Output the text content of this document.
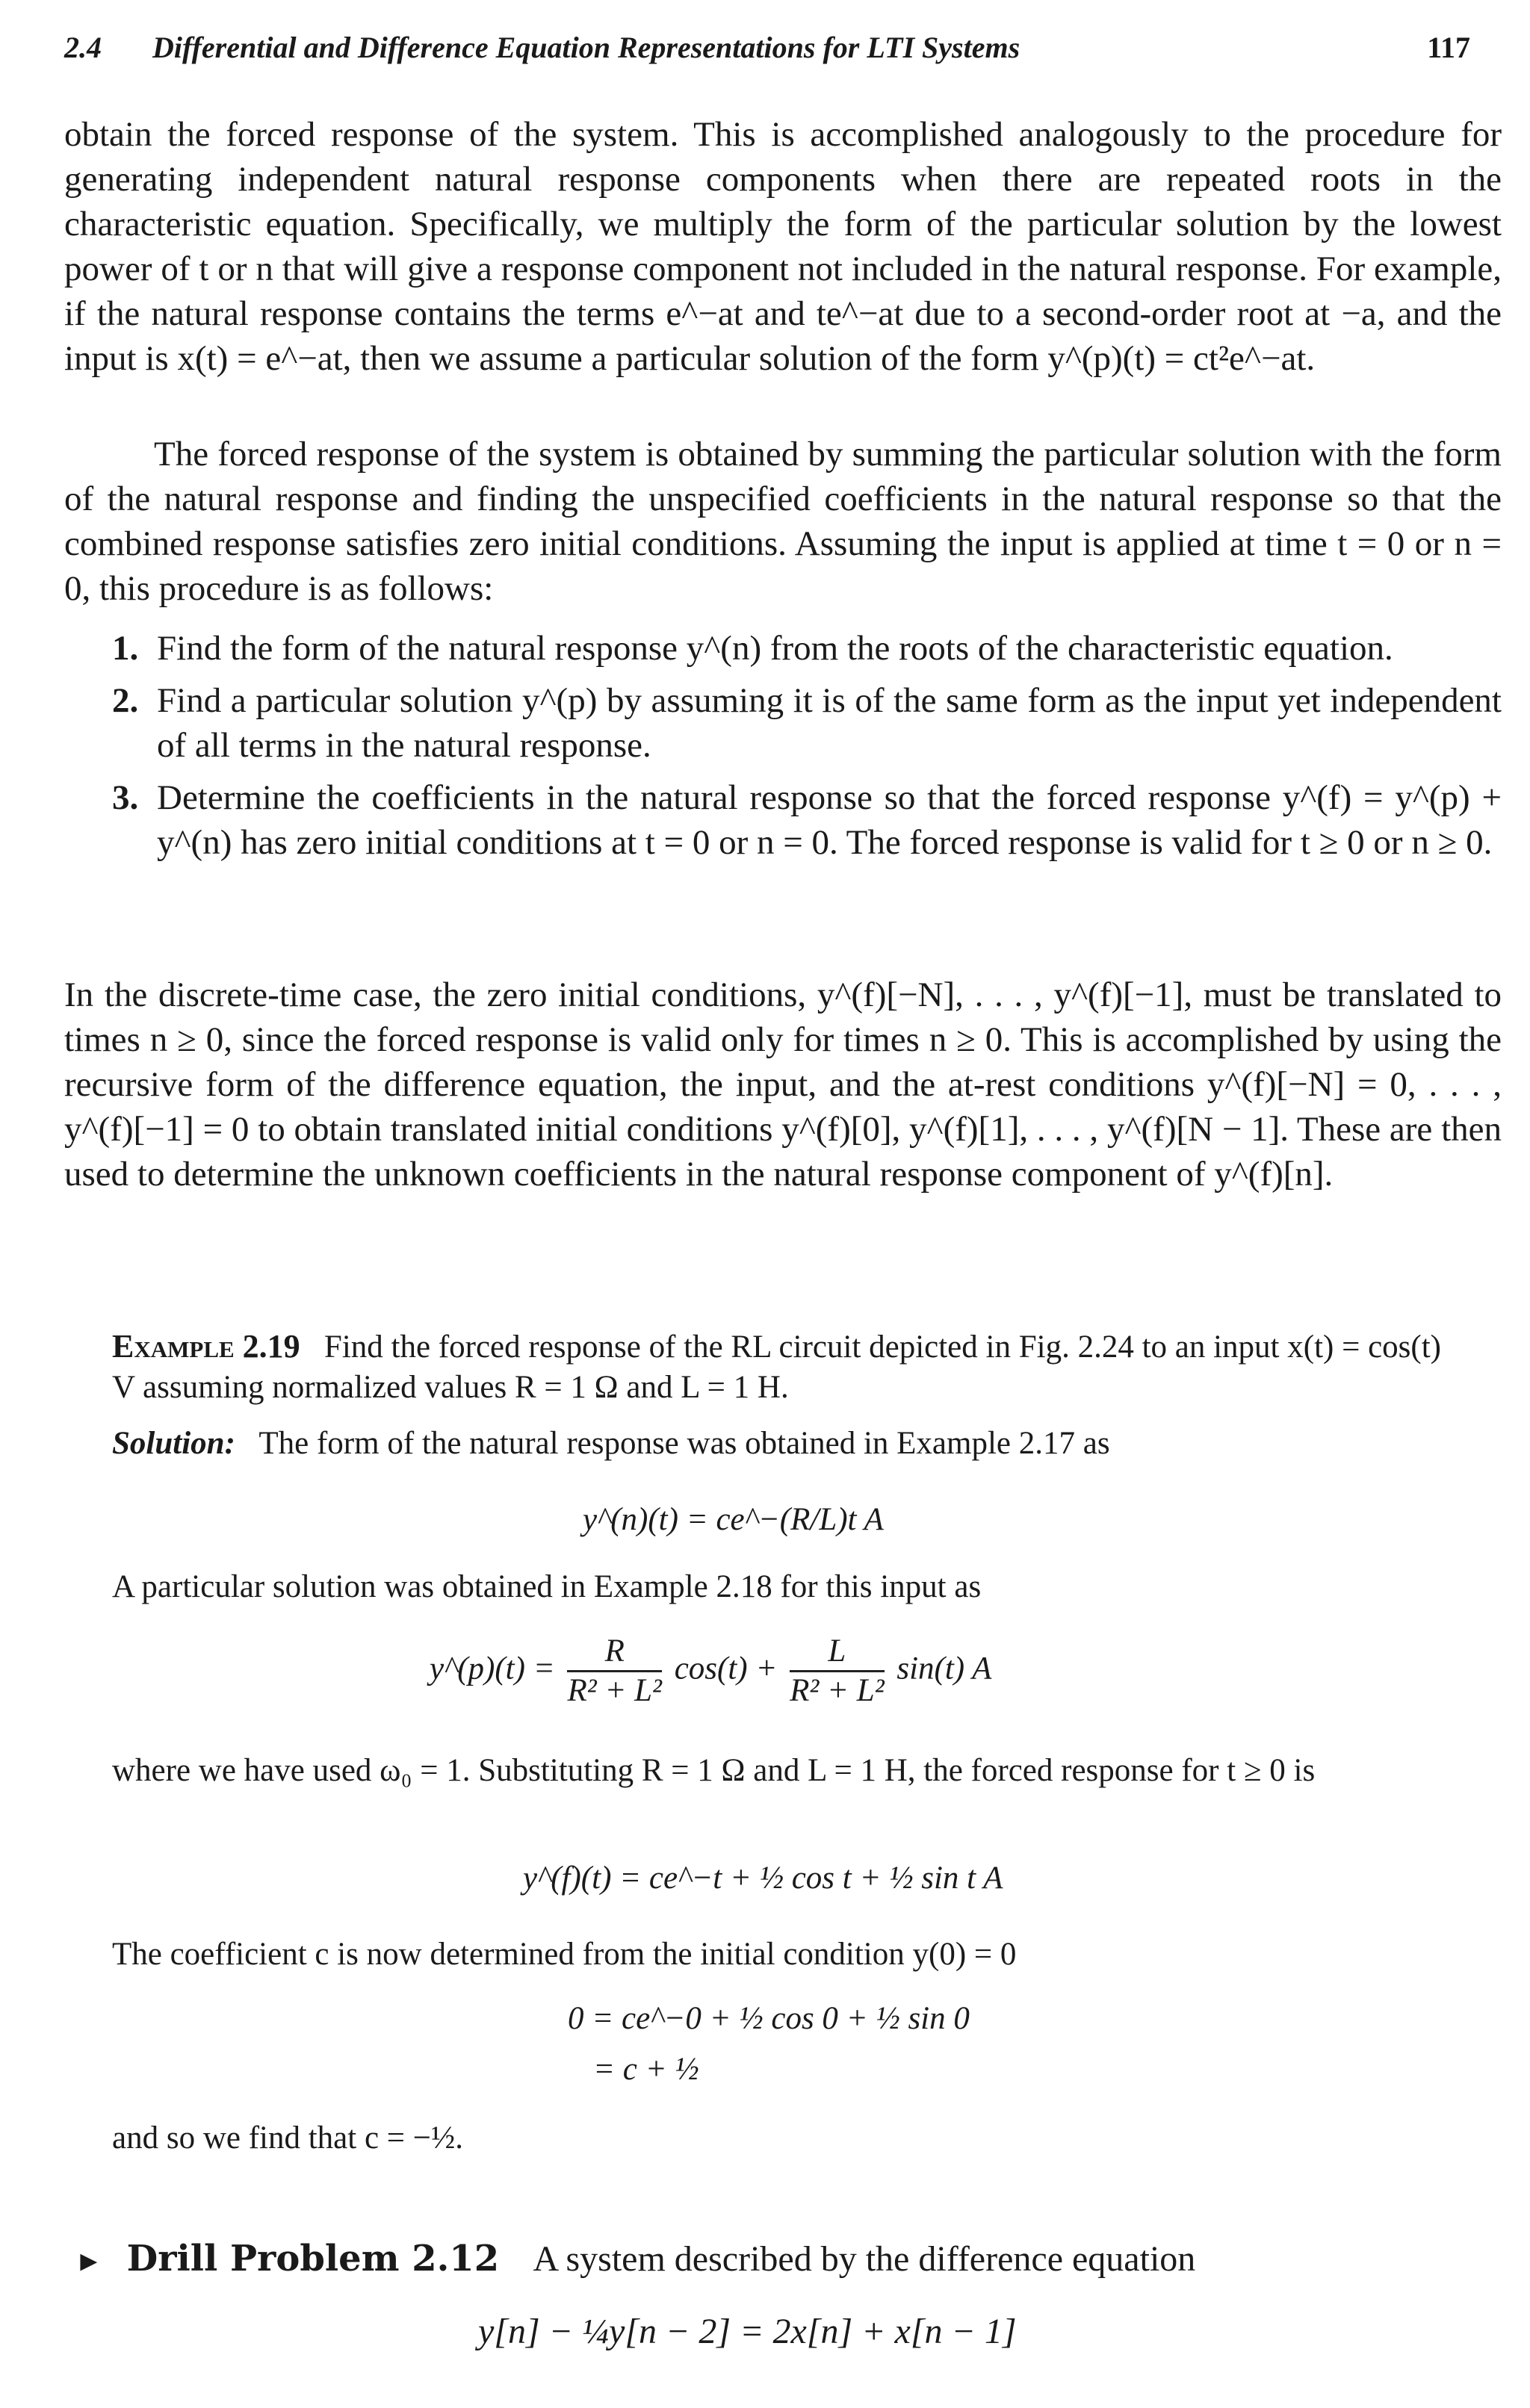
2.4 Differential and Difference Equation Representations for LTI Systems	117
obtain the forced response of the system. This is accomplished analogously to the procedure for generating independent natural response components when there are repeated roots in the characteristic equation. Specifically, we multiply the form of the particular solution by the lowest power of t or n that will give a response component not included in the natural response. For example, if the natural response contains the terms e^−at and te^−at due to a second-order root at −a, and the input is x(t) = e^−at, then we assume a particular solution of the form y^(p)(t) = ct²e^−at.
The forced response of the system is obtained by summing the particular solution with the form of the natural response and finding the unspecified coefficients in the natural response so that the combined response satisfies zero initial conditions. Assuming the input is applied at time t = 0 or n = 0, this procedure is as follows:
1. Find the form of the natural response y^(n) from the roots of the characteristic equation.
2. Find a particular solution y^(p) by assuming it is of the same form as the input yet independent of all terms in the natural response.
3. Determine the coefficients in the natural response so that the forced response y^(f) = y^(p) + y^(n) has zero initial conditions at t = 0 or n = 0. The forced response is valid for t ≥ 0 or n ≥ 0.
In the discrete-time case, the zero initial conditions, y^(f)[−N], . . . , y^(f)[−1], must be translated to times n ≥ 0, since the forced response is valid only for times n ≥ 0. This is accomplished by using the recursive form of the difference equation, the input, and the at-rest conditions y^(f)[−N] = 0, . . . , y^(f)[−1] = 0 to obtain translated initial conditions y^(f)[0], y^(f)[1], . . . , y^(f)[N − 1]. These are then used to determine the unknown coefficients in the natural response component of y^(f)[n].
Example 2.19 Find the forced response of the RL circuit depicted in Fig. 2.24 to an input x(t) = cos(t) V assuming normalized values R = 1 Ω and L = 1 H.
Solution: The form of the natural response was obtained in Example 2.17 as
y^(n)(t) = ce^−(R/L)t A
A particular solution was obtained in Example 2.18 for this input as
y^(p)(t) = $\frac{R}{\text{R² + L²}} \cos(t) + \frac{L}{\text{R² + L²}} \sin(t)$ A
where we have used ω₀ = 1. Substituting R = 1 Ω and L = 1 H, the forced response for t ≥ 0 is
y^(f)(t) = ce^−t + ½ cos t + ½ sin t A
The coefficient c is now determined from the initial condition y(0) = 0
0 = ce^−0 + ½ cos 0 + ½ sin 0
= c + ½
and so we find that c = −½.
► Drill Problem 2.12 A system described by the difference equation
y[n] − ¼y[n − 2] = 2x[n] + x[n − 1]
